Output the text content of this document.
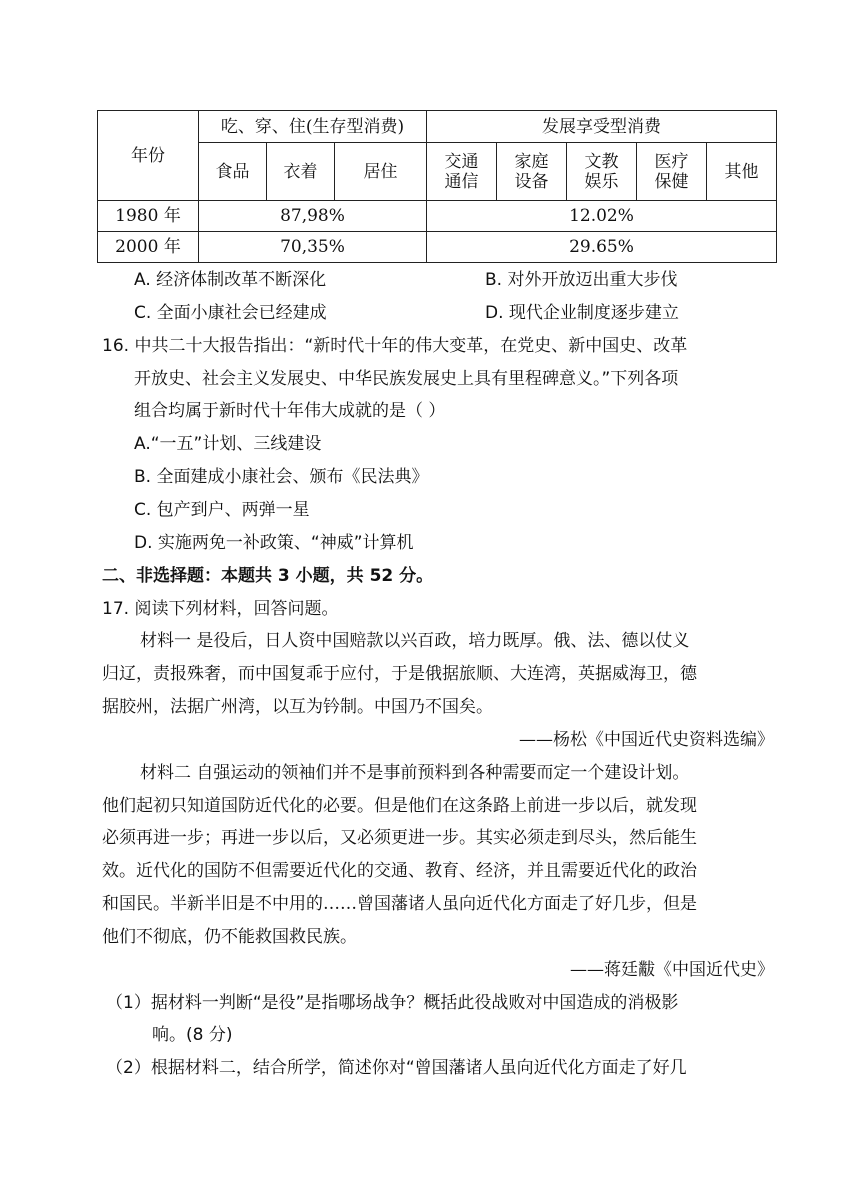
年份	吃、穿、住(生存型消费)			发展享受型消费				
	食品	衣着	居住	交通通信	家庭设备	文教娱乐	医疗保健	其他
1980 年	87,98%			12.02%				
2000 年	70,35%			29.65%				
A. 经济体制改革不断深化	B. 对外开放迈出重大步伐
C. 全面小康社会已经建成	D. 现代企业制度逐步建立
16. 中共二十大报告指出：“新时代十年的伟大变革，在党史、新中国史、改革
开放史、社会主义发展史、中华民族发展史上具有里程碑意义。”下列各项
组合均属于新时代十年伟大成就的是（ ）
A.“一五”计划、三线建设
B. 全面建成小康社会、颁布《民法典》
C. 包产到户、两弹一星
D. 实施两免一补政策、“神威”计算机
二、非选择题：本题共 3 小题，共 52 分。
17. 阅读下列材料，回答问题。
材料一 是役后，日人资中国赔款以兴百政，培力既厚。俄、法、德以仗义
归辽，责报殊奢，而中国复乖于应付，于是俄据旅顺、大连湾，英据威海卫，德
据胶州，法据广州湾，以互为钤制。中国乃不国矣。
——杨松《中国近代史资料选编》
材料二 自强运动的领袖们并不是事前预料到各种需要而定一个建设计划。
他们起初只知道国防近代化的必要。但是他们在这条路上前进一步以后，就发现
必须再进一步；再进一步以后，又必须更进一步。其实必须走到尽头，然后能生
效。近代化的国防不但需要近代化的交通、教育、经济，并且需要近代化的政治
和国民。半新半旧是不中用的……曾国藩诸人虽向近代化方面走了好几步，但是
他们不彻底，仍不能救国救民族。
——蒋廷黻《中国近代史》
（1）据材料一判断“是役”是指哪场战争？概括此役战败对中国造成的消极影
响。(8 分)
（2）根据材料二，结合所学，简述你对“曾国藩诸人虽向近代化方面走了好几
